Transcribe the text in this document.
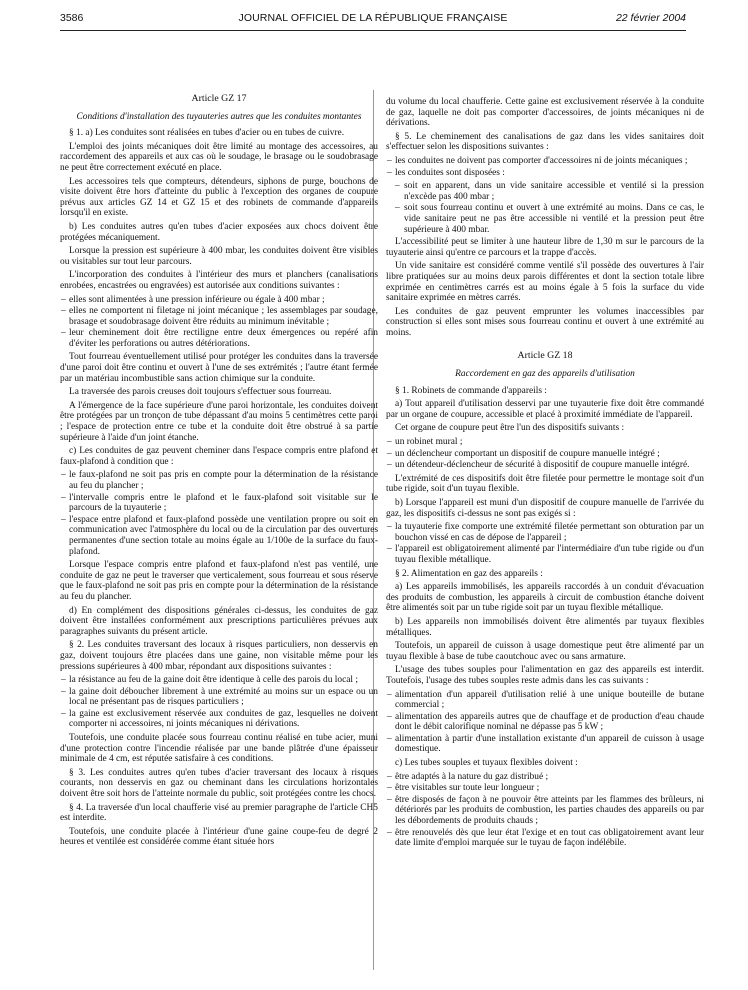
3586	JOURNAL OFFICIEL DE LA RÉPUBLIQUE FRANÇAISE	22 février 2004

Article GZ 17

Conditions d'installation des tuyauteries autres que les conduites montantes

§ 1. a) Les conduites sont réalisées en tubes d'acier ou en tubes de cuivre.

L'emploi des joints mécaniques doit être limité au montage des accessoires, au raccordement des appareils et aux cas où le soudage, le brasage ou le soudobrasage ne peut être correctement exécuté en place.

Les accessoires tels que compteurs, détendeurs, siphons de purge, bouchons de visite doivent être hors d'atteinte du public à l'exception des organes de coupure prévus aux articles GZ 14 et GZ 15 et des robinets de commande d'appareils lorsqu'il en existe.

b) Les conduites autres qu'en tubes d'acier exposées aux chocs doivent être protégées mécaniquement.

Lorsque la pression est supérieure à 400 mbar, les conduites doivent être visibles ou visitables sur tout leur parcours.

L'incorporation des conduites à l'intérieur des murs et planchers (canalisations enrobées, encastrées ou engravées) est autorisée aux conditions suivantes :

– elles sont alimentées à une pression inférieure ou égale à 400 mbar ;
– elles ne comportent ni filetage ni joint mécanique ; les assemblages par soudage, brasage et soudobrasage doivent être réduits au minimum inévitable ;
– leur cheminement doit être rectiligne entre deux émergences ou repéré afin d'éviter les perforations ou autres détériorations.

Tout fourreau éventuellement utilisé pour protéger les conduites dans la traversée d'une paroi doit être continu et ouvert à l'une de ses extrémités ; l'autre étant fermée par un matériau incombustible sans action chimique sur la conduite.

La traversée des parois creuses doit toujours s'effectuer sous fourreau.

A l'émergence de la face supérieure d'une paroi horizontale, les conduites doivent être protégées par un tronçon de tube dépassant d'au moins 5 centimètres cette paroi ; l'espace de protection entre ce tube et la conduite doit être obstrué à sa partie supérieure à l'aide d'un joint étanche.

c) Les conduites de gaz peuvent cheminer dans l'espace compris entre plafond et faux-plafond à condition que :

– le faux-plafond ne soit pas pris en compte pour la détermination de la résistance au feu du plancher ;
– l'intervalle compris entre le plafond et le faux-plafond soit visitable sur le parcours de la tuyauterie ;
– l'espace entre plafond et faux-plafond possède une ventilation propre ou soit en communication avec l'atmosphère du local ou de la circulation par des ouvertures permanentes d'une section totale au moins égale au 1/100e de la surface du faux-plafond.

Lorsque l'espace compris entre plafond et faux-plafond n'est pas ventilé, une conduite de gaz ne peut le traverser que verticalement, sous fourreau et sous réserve que le faux-plafond ne soit pas pris en compte pour la détermination de la résistance au feu du plancher.

d) En complément des dispositions générales ci-dessus, les conduites de gaz doivent être installées conformément aux prescriptions particulières prévues aux paragraphes suivants du présent article.

§ 2. Les conduites traversant des locaux à risques particuliers, non desservis en gaz, doivent toujours être placées dans une gaine, non visitable même pour les pressions supérieures à 400 mbar, répondant aux dispositions suivantes :

– la résistance au feu de la gaine doit être identique à celle des parois du local ;
– la gaine doit déboucher librement à une extrémité au moins sur un espace ou un local ne présentant pas de risques particuliers ;
– la gaine est exclusivement réservée aux conduites de gaz, lesquelles ne doivent comporter ni accessoires, ni joints mécaniques ni dérivations.

Toutefois, une conduite placée sous fourreau continu réalisé en tube acier, muni d'une protection contre l'incendie réalisée par une bande plâtrée d'une épaisseur minimale de 4 cm, est réputée satisfaire à ces conditions.

§ 3. Les conduites autres qu'en tubes d'acier traversant des locaux à risques courants, non desservis en gaz ou cheminant dans les circulations horizontales doivent être soit hors de l'atteinte normale du public, soit protégées contre les chocs.

§ 4. La traversée d'un local chaufferie visé au premier paragraphe de l'article CH5 est interdite.

Toutefois, une conduite placée à l'intérieur d'une gaine coupe-feu de degré 2 heures et ventilée est considérée comme étant située hors

du volume du local chaufferie. Cette gaine est exclusivement réservée à la conduite de gaz, laquelle ne doit pas comporter d'accessoires, de joints mécaniques ni de dérivations.

§ 5. Le cheminement des canalisations de gaz dans les vides sanitaires doit s'effectuer selon les dispositions suivantes :

– les conduites ne doivent pas comporter d'accessoires ni de joints mécaniques ;
– les conduites sont disposées :
– soit en apparent, dans un vide sanitaire accessible et ventilé si la pression n'excède pas 400 mbar ;
– soit sous fourreau continu et ouvert à une extrémité au moins. Dans ce cas, le vide sanitaire peut ne pas être accessible ni ventilé et la pression peut être supérieure à 400 mbar.

L'accessibilité peut se limiter à une hauteur libre de 1,30 m sur le parcours de la tuyauterie ainsi qu'entre ce parcours et la trappe d'accès.

Un vide sanitaire est considéré comme ventilé s'il possède des ouvertures à l'air libre pratiquées sur au moins deux parois différentes et dont la section totale libre exprimée en centimètres carrés est au moins égale à 5 fois la surface du vide sanitaire exprimée en mètres carrés.

Les conduites de gaz peuvent emprunter les volumes inaccessibles par construction si elles sont mises sous fourreau continu et ouvert à une extrémité au moins.

Article GZ 18

Raccordement en gaz des appareils d'utilisation

§ 1. Robinets de commande d'appareils :

a) Tout appareil d'utilisation desservi par une tuyauterie fixe doit être commandé par un organe de coupure, accessible et placé à proximité immédiate de l'appareil.

Cet organe de coupure peut être l'un des dispositifs suivants :

– un robinet mural ;
– un déclencheur comportant un dispositif de coupure manuelle intégré ;
– un détendeur-déclencheur de sécurité à dispositif de coupure manuelle intégré.

L'extrémité de ces dispositifs doit être filetée pour permettre le montage soit d'un tube rigide, soit d'un tuyau flexible.

b) Lorsque l'appareil est muni d'un dispositif de coupure manuelle de l'arrivée du gaz, les dispositifs ci-dessus ne sont pas exigés si :

– la tuyauterie fixe comporte une extrémité filetée permettant son obturation par un bouchon vissé en cas de dépose de l'appareil ;
– l'appareil est obligatoirement alimenté par l'intermédiaire d'un tube rigide ou d'un tuyau flexible métallique.

§ 2. Alimentation en gaz des appareils :

a) Les appareils immobilisés, les appareils raccordés à un conduit d'évacuation des produits de combustion, les appareils à circuit de combustion étanche doivent être alimentés soit par un tube rigide soit par un tuyau flexible métallique.

b) Les appareils non immobilisés doivent être alimentés par tuyaux flexibles métalliques.

Toutefois, un appareil de cuisson à usage domestique peut être alimenté par un tuyau flexible à base de tube caoutchouc avec ou sans armature.

L'usage des tubes souples pour l'alimentation en gaz des appareils est interdit. Toutefois, l'usage des tubes souples reste admis dans les cas suivants :

– alimentation d'un appareil d'utilisation relié à une unique bouteille de butane commercial ;
– alimentation des appareils autres que de chauffage et de production d'eau chaude dont le débit calorifique nominal ne dépasse pas 5 kW ;
– alimentation à partir d'une installation existante d'un appareil de cuisson à usage domestique.

c) Les tubes souples et tuyaux flexibles doivent :

– être adaptés à la nature du gaz distribué ;
– être visitables sur toute leur longueur ;
– être disposés de façon à ne pouvoir être atteints par les flammes des brûleurs, ni détériorés par les produits de combustion, les parties chaudes des appareils ou par les débordements de produits chauds ;
– être renouvelés dès que leur état l'exige et en tout cas obligatoirement avant leur date limite d'emploi marquée sur le tuyau de façon indélébile.
